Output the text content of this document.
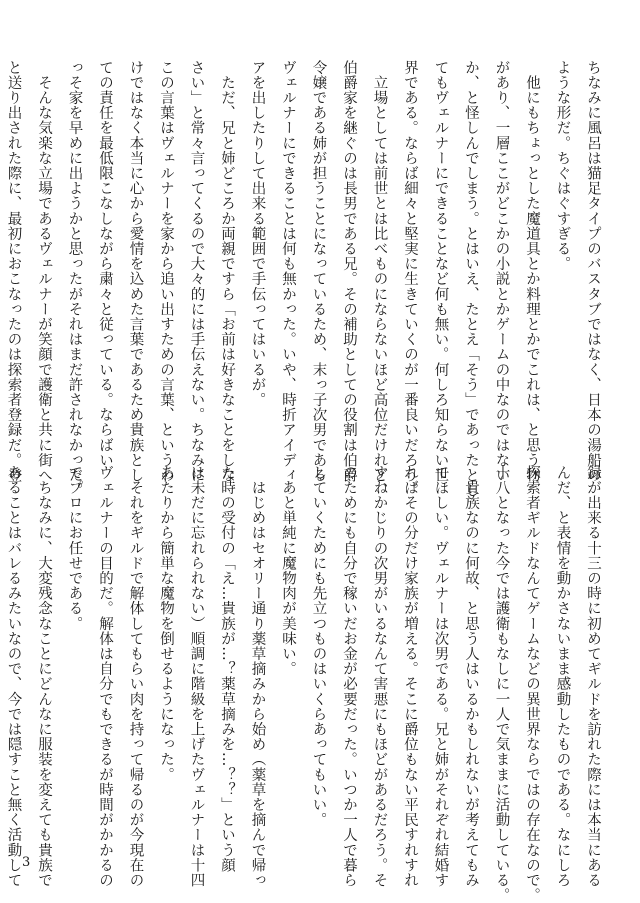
ちなみに風呂は猫足タイプのバスタブではなく、日本の湯船の
ような形だ。ちぐはぐすぎる。
　他にもちょっとした魔道具とか料理とかでこれは、と思う物
があり、一層ここがどこかの小説とかゲームの中なのではない
か、と怪しんでしまう。とはいえ、たとえ「そう」であったとし
てもヴェルナーにできることなど何も無い。何しろ知らない世
界である。ならば細々と堅実に生きていくのが一番良いだろう。
　立場としては前世とは比べものにならないほど高位だけれど、
伯爵家を継ぐのは長男である兄。その補助としての役割は伯爵
令嬢である姉が担うことになっているため、末っ子次男である
ヴェルナーにできることは何も無かった。いや、時折アイディ
アを出したりして出来る範囲で手伝ってはいるが。
　ただ、兄と姉どころか両親ですら「お前は好きなことをしな
さい」と常々言ってくるので大々的には手伝えない。ちなみに
この言葉はヴェルナーを家から追い出すための言葉、というわ
けではなく本当に心から愛情を込めた言葉であるため貴族とし
ての責任を最低限こなしながら粛々と従っている。ならばい
っそ家を早めに出ようかと思ったがそれはまだ許されなかった。
　そんな気楽な立場であるヴェルナーが笑顔で護衛と共に街へ
と送り出された際に、最初におこなったのは探索者登録だ。登
録が出来る十三の時に初めてギルドを訪れた際には本当にある
んだ、と表情を動かさないまま感動したものである。なにしろ
探索者ギルドなんてゲームなどの異世界ならではの存在なので。
十八となった今では護衛もなしに一人で気ままに活動している。
　貴族なのに何故、と思う人はいるかもしれないが考えてもみ
てほしい。ヴェルナーは次男である。兄と姉がそれぞれ結婚す
ればその分だけ家族が増える。そこに爵位もない平民すれすれ
すねかじりの次男がいるなんて害悪にもほどがあるだろう。そ
のためにも自分で稼いだお金が必要だった。いつか一人で暮ら
していくためにも先立つものはいくらあってもいい。
　あと単純に魔物肉が美味い。
　はじめはセオリー通り薬草摘みから始め（薬草を摘んで帰っ
た時の受付の「え…貴族が…？薬草摘みを…？？」という顔
は未だに忘れられない）順調に階級を上げたヴェルナーは十四
あたりから簡単な魔物を倒せるようになった。
　それをギルドで解体してもらい肉を持って帰るのが今現在の
ヴェルナーの目的だ。解体は自分でもできるが時間がかかるの
でプロにお任せである。
　ちなみに、大変残念なことにどんなに服装を変えても貴族で
あることはバレるみたいなので、今では隠すこと無く活動して 3
